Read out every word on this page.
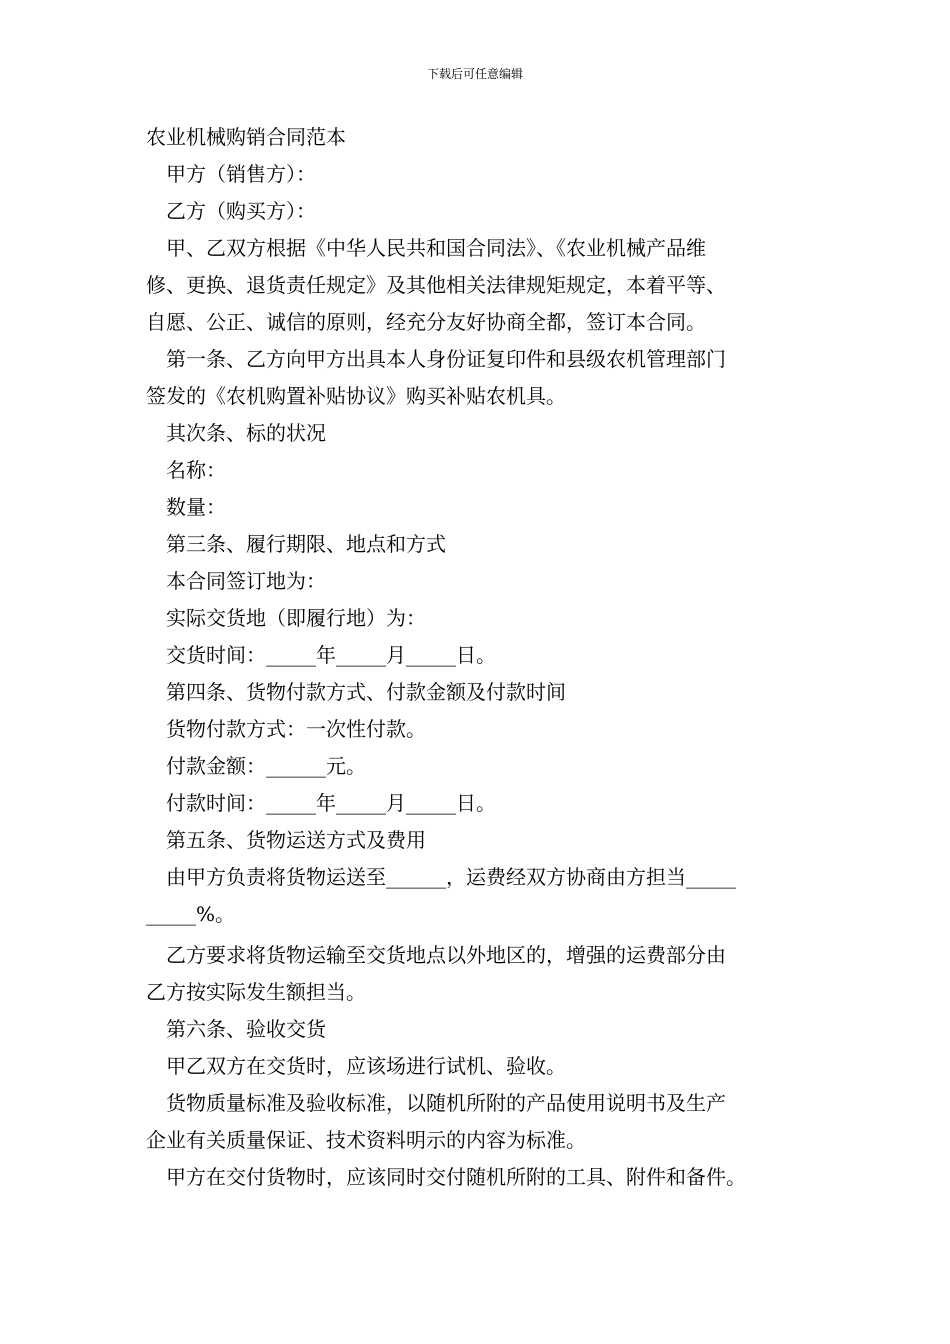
下载后可任意编辑

农业机械购销合同范本

甲方（销售方）：

乙方（购买方）：

甲、乙双方根据《中华人民共和国合同法》、《农业机械产品维

修、更换、退货责任规定》及其他相关法律规矩规定，本着平等、

自愿、公正、诚信的原则，经充分友好协商全都，签订本合同。

第一条、乙方向甲方出具本人身份证复印件和县级农机管理部门

签发的《农机购置补贴协议》购买补贴农机具。

其次条、标的状况

名称：

数量：

第三条、履行期限、地点和方式

本合同签订地为：

实际交货地（即履行地）为：

交货时间：_____年_____月_____日。

第四条、货物付款方式、付款金额及付款时间

货物付款方式：一次性付款。

付款金额：______元。

付款时间：_____年_____月_____日。

第五条、货物运送方式及费用

由甲方负责将货物运送至______，运费经双方协商由方担当_____

_____%。

乙方要求将货物运输至交货地点以外地区的，增强的运费部分由

乙方按实际发生额担当。

第六条、验收交货

甲乙双方在交货时，应该场进行试机、验收。

货物质量标准及验收标准，以随机所附的产品使用说明书及生产

企业有关质量保证、技术资料明示的内容为标准。

甲方在交付货物时，应该同时交付随机所附的工具、附件和备件。
